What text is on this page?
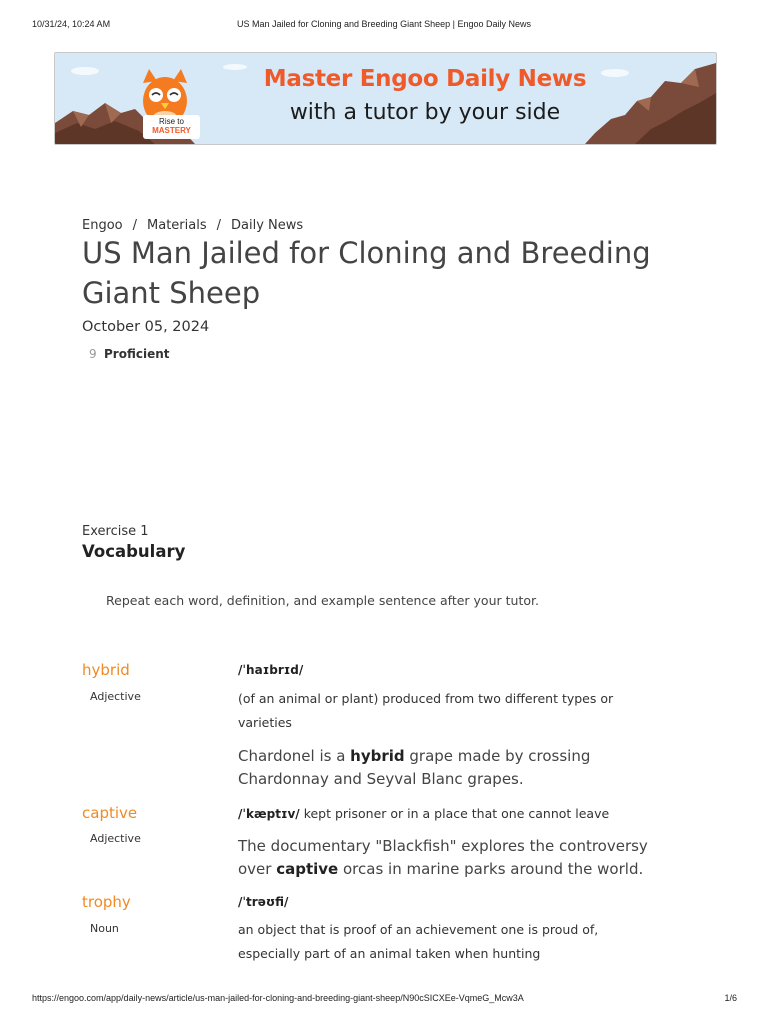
10/31/24, 10:24 AM	US Man Jailed for Cloning and Breeding Giant Sheep | Engoo Daily News
Rise to
MASTERY
Master Engoo Daily News
with a tutor by your side
Engoo / Materials / Daily News
US Man Jailed for Cloning and Breeding Giant Sheep
October 05, 2024
9 Proficient
Exercise 1
Vocabulary
Repeat each word, definition, and example sentence after your tutor.
hybrid
Adjective
/ˈhaɪbrɪd/
(of an animal or plant) produced from two different types or
varieties
Chardonel is a hybrid grape made by crossing
Chardonnay and Seyval Blanc grapes.
captive
Adjective
/ˈkæptɪv/ kept prisoner or in a place that one cannot leave
The documentary "Blackfish" explores the controversy
over captive orcas in marine parks around the world.
trophy
Noun
/ˈtrəʊfi/
an object that is proof of an achievement one is proud of,
especially part of an animal taken when hunting
https://engoo.com/app/daily-news/article/us-man-jailed-for-cloning-and-breeding-giant-sheep/N90cSICXEe-VqmeG_Mcw3A	1/6
